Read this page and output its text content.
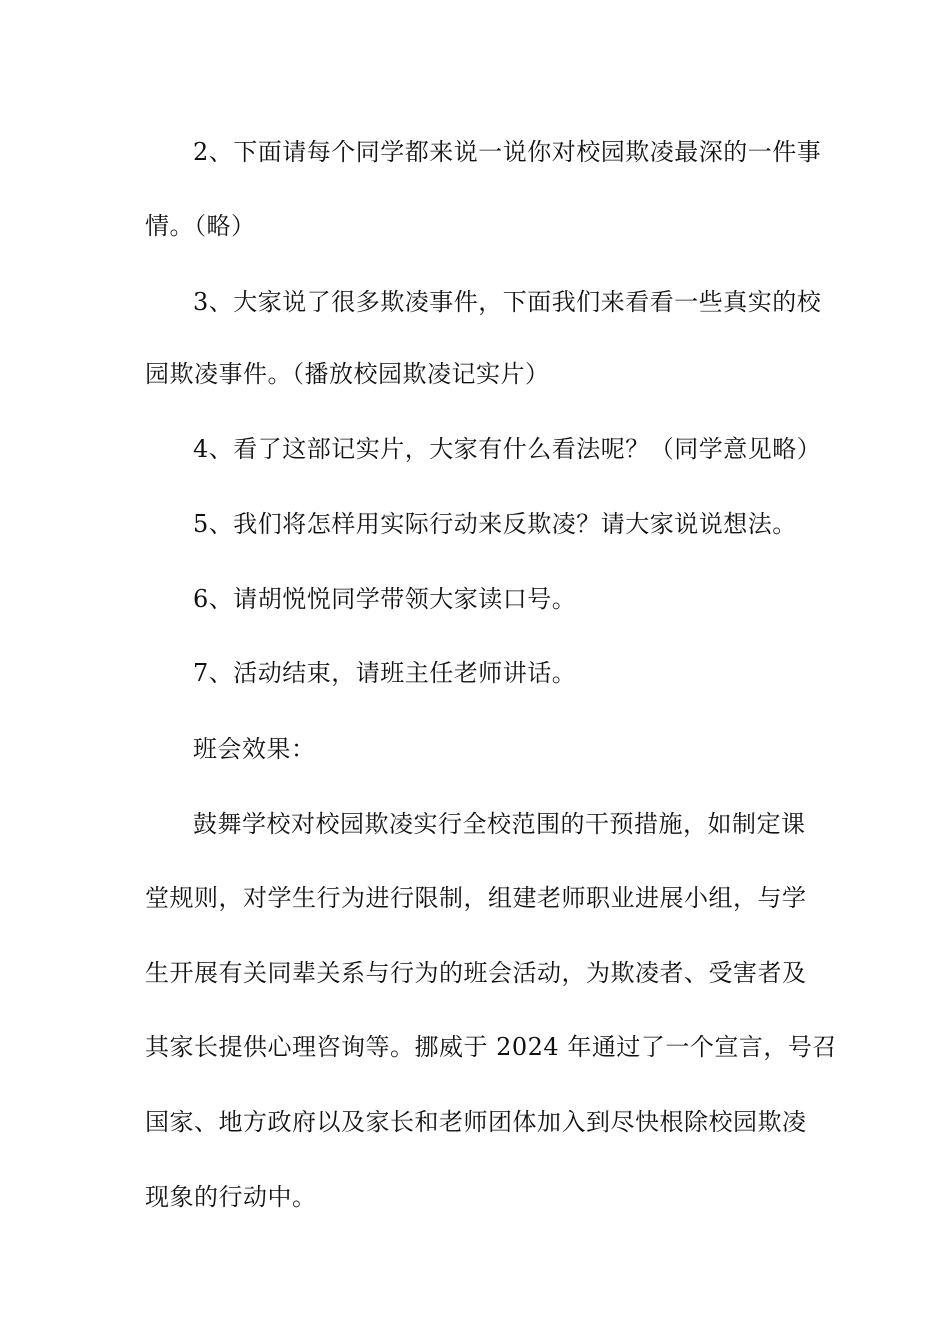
2、下面请每个同学都来说一说你对校园欺凌最深的一件事
情。（略）
3、大家说了很多欺凌事件，下面我们来看看一些真实的校
园欺凌事件。（播放校园欺凌记实片）
4、看了这部记实片，大家有什么看法呢？（同学意见略）
5、我们将怎样用实际行动来反欺凌？请大家说说想法。
6、请胡悦悦同学带领大家读口号。
7、活动结束，请班主任老师讲话。
班会效果：
鼓舞学校对校园欺凌实行全校范围的干预措施，如制定课
堂规则，对学生行为进行限制，组建老师职业进展小组，与学
生开展有关同辈关系与行为的班会活动，为欺凌者、受害者及
其家长提供心理咨询等。挪威于 2024 年通过了一个宣言，号召
国家、地方政府以及家长和老师团体加入到尽快根除校园欺凌
现象的行动中。
